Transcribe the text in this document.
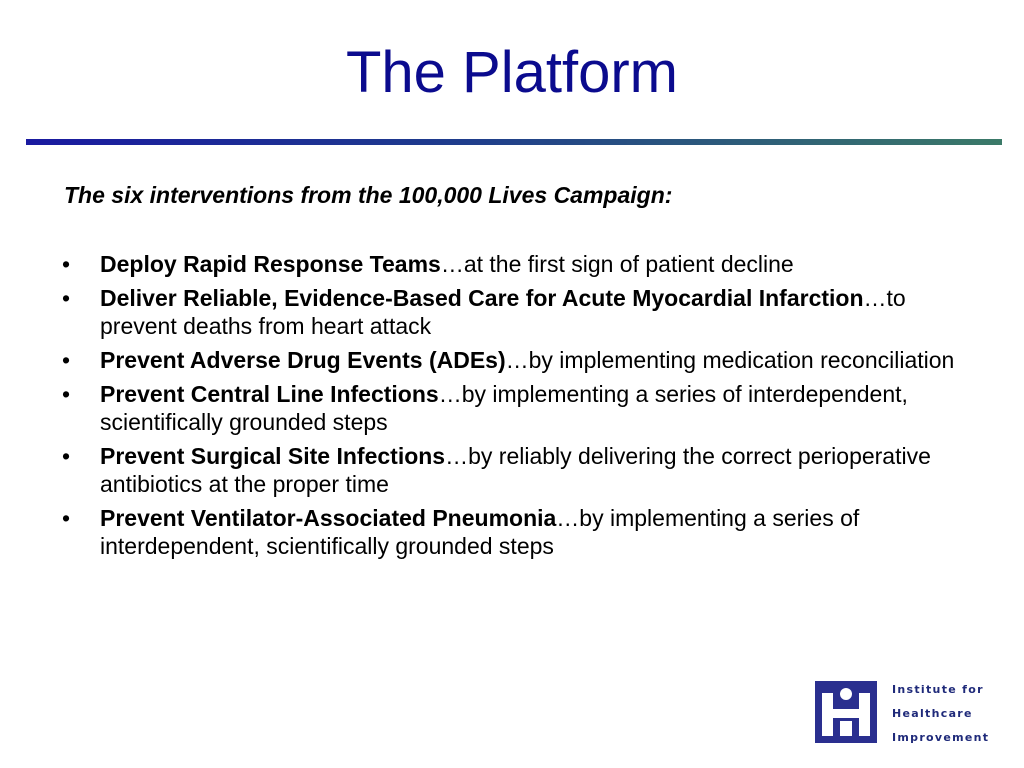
The Platform

The six interventions from the 100,000 Lives Campaign:

• Deploy Rapid Response Teams…at the first sign of patient decline
• Deliver Reliable, Evidence-Based Care for Acute Myocardial Infarction…to prevent deaths from heart attack
• Prevent Adverse Drug Events (ADEs)…by implementing medication reconciliation
• Prevent Central Line Infections…by implementing a series of interdependent, scientifically grounded steps
• Prevent Surgical Site Infections…by reliably delivering the correct perioperative antibiotics at the proper time
• Prevent Ventilator-Associated Pneumonia…by implementing a series of interdependent, scientifically grounded steps
Institute for
Healthcare
Improvement
